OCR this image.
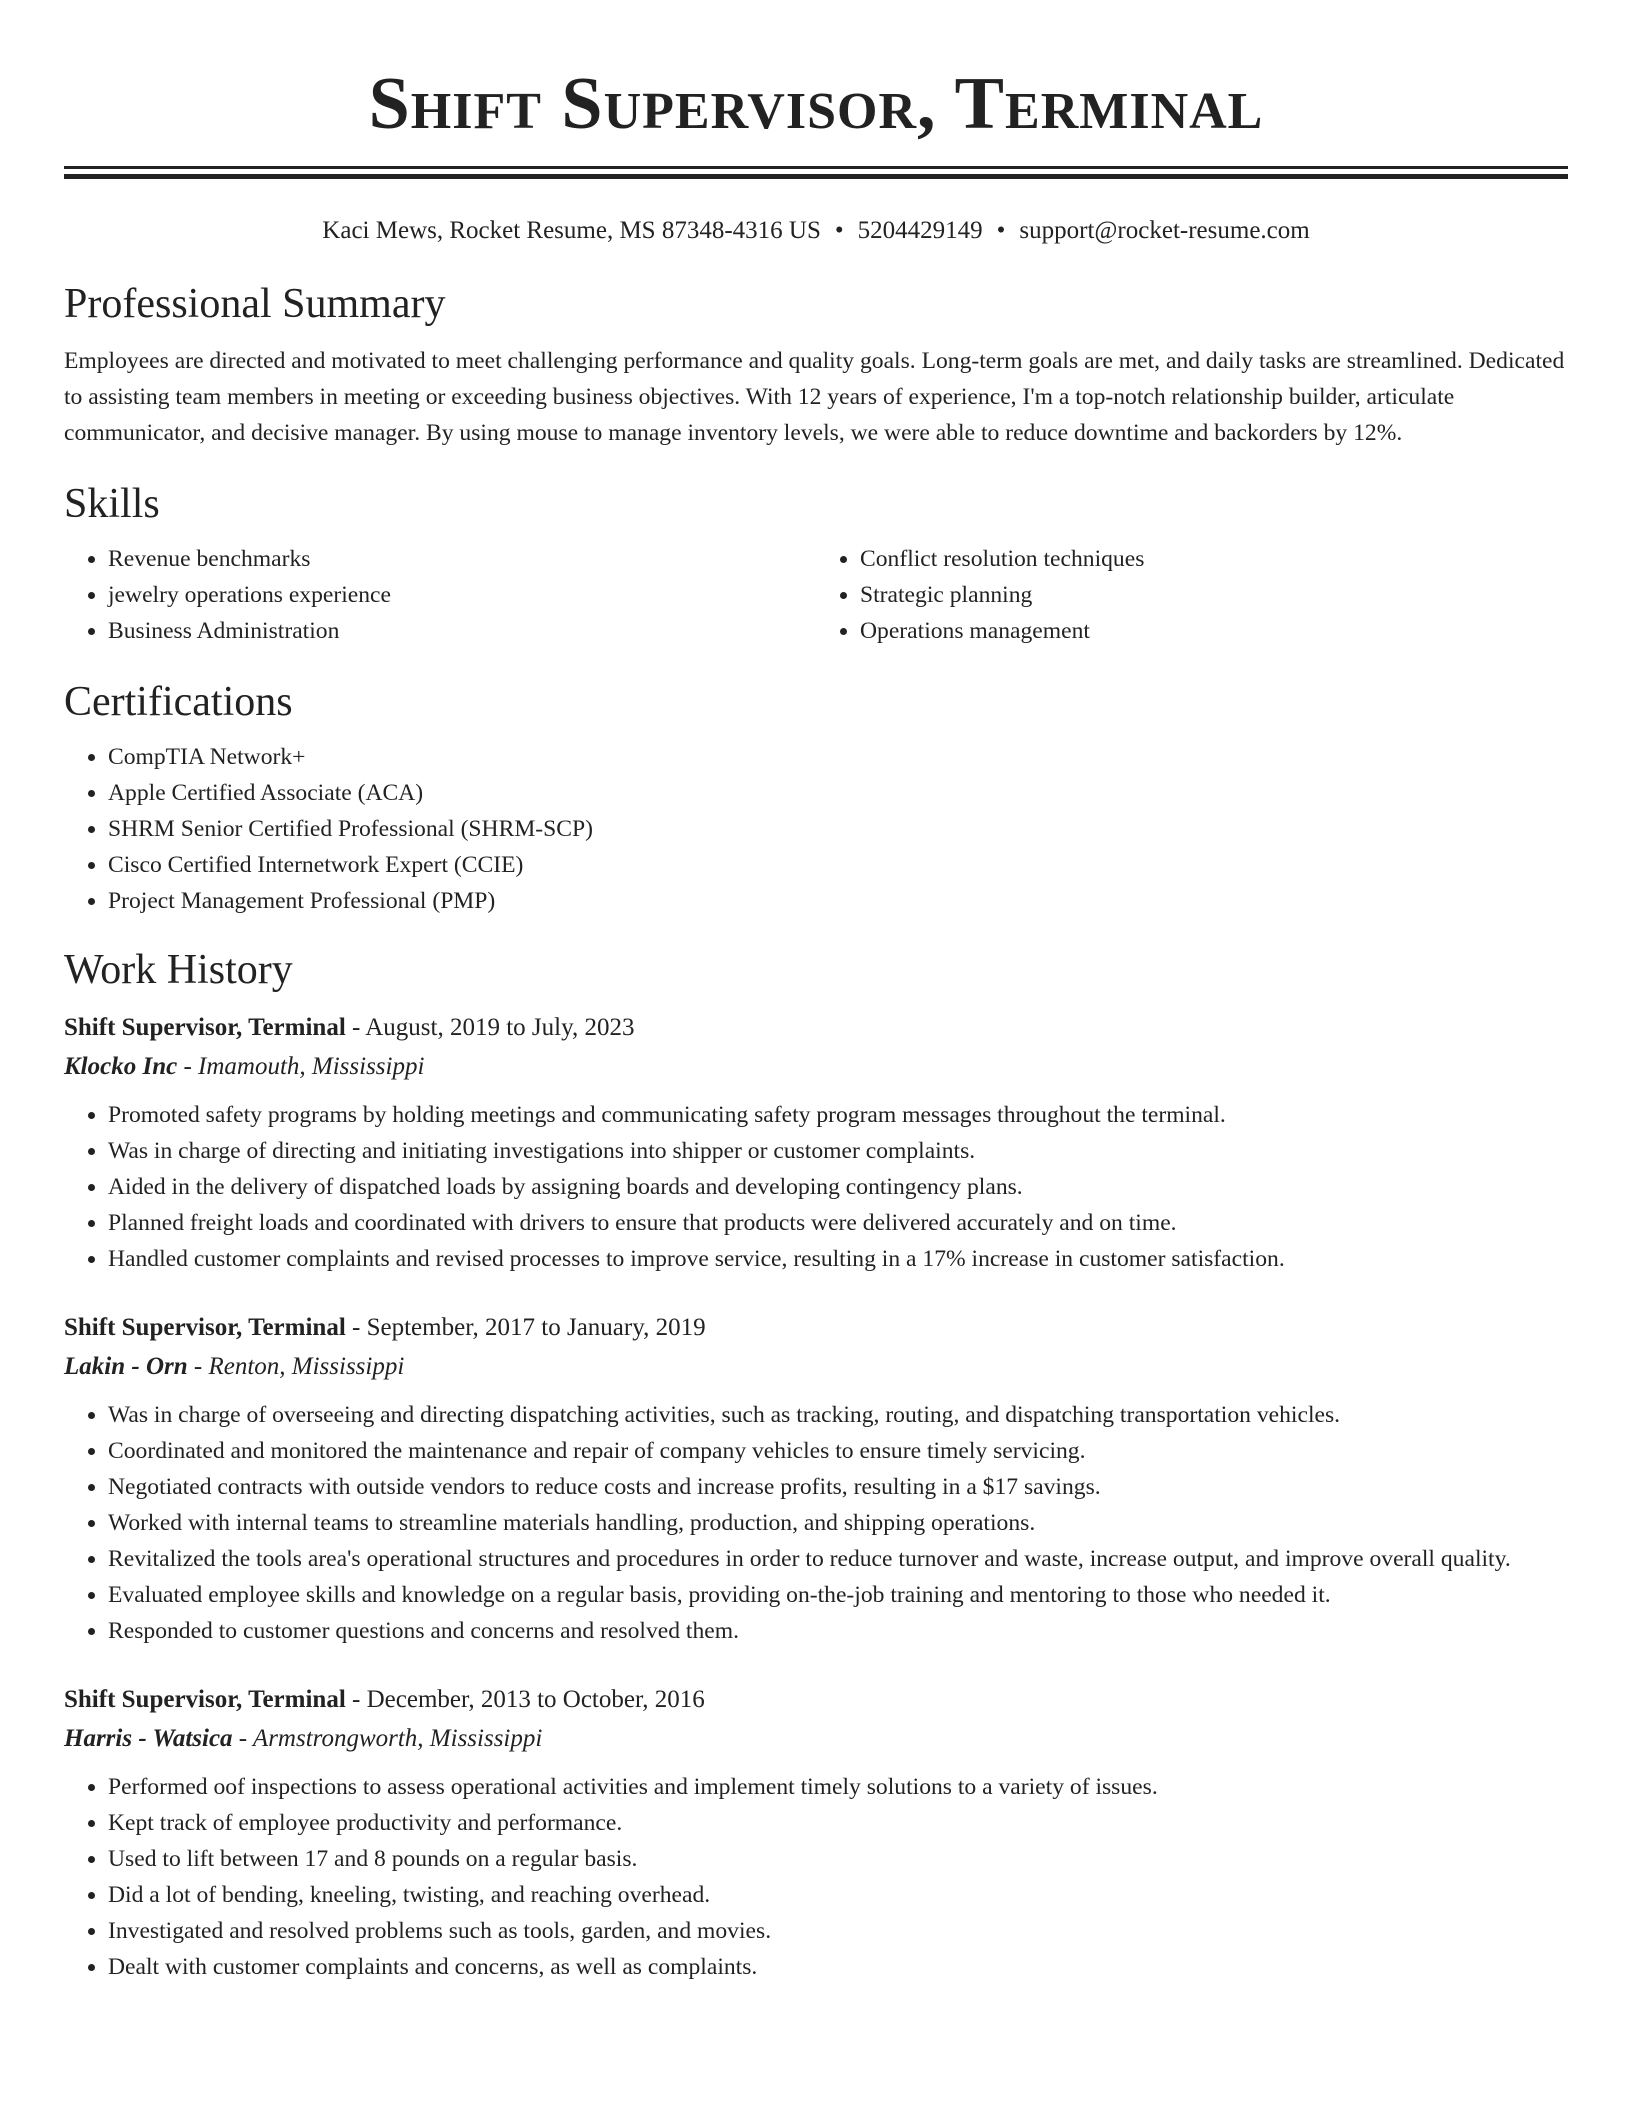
Shift Supervisor, Terminal
Kaci Mews, Rocket Resume, MS 87348-4316 US • 5204429149 • support@rocket-resume.com
Professional Summary

Employees are directed and motivated to meet challenging performance and quality goals. Long-term goals are met, and daily tasks are streamlined. Dedicated to assisting team members in meeting or exceeding business objectives. With 12 years of experience, I'm a top-notch relationship builder, articulate communicator, and decisive manager. By using mouse to manage inventory levels, we were able to reduce downtime and backorders by 12%.

Skills
• Revenue benchmarks
• jewelry operations experience
• Business Administration
• Conflict resolution techniques
• Strategic planning
• Operations management
Certifications
• CompTIA Network+
• Apple Certified Associate (ACA)
• SHRM Senior Certified Professional (SHRM-SCP)
• Cisco Certified Internetwork Expert (CCIE)
• Project Management Professional (PMP)
Work History
Shift Supervisor, Terminal - August, 2019 to July, 2023
Klocko Inc - Imamouth, Mississippi
• Promoted safety programs by holding meetings and communicating safety program messages throughout the terminal.
• Was in charge of directing and initiating investigations into shipper or customer complaints.
• Aided in the delivery of dispatched loads by assigning boards and developing contingency plans.
• Planned freight loads and coordinated with drivers to ensure that products were delivered accurately and on time.
• Handled customer complaints and revised processes to improve service, resulting in a 17% increase in customer satisfaction.
Shift Supervisor, Terminal - September, 2017 to January, 2019
Lakin - Orn - Renton, Mississippi
• Was in charge of overseeing and directing dispatching activities, such as tracking, routing, and dispatching transportation vehicles.
• Coordinated and monitored the maintenance and repair of company vehicles to ensure timely servicing.
• Negotiated contracts with outside vendors to reduce costs and increase profits, resulting in a $17 savings.
• Worked with internal teams to streamline materials handling, production, and shipping operations.
• Revitalized the tools area's operational structures and procedures in order to reduce turnover and waste, increase output, and improve overall quality.
• Evaluated employee skills and knowledge on a regular basis, providing on-the-job training and mentoring to those who needed it.
• Responded to customer questions and concerns and resolved them.
Shift Supervisor, Terminal - December, 2013 to October, 2016
Harris - Watsica - Armstrongworth, Mississippi
• Performed oof inspections to assess operational activities and implement timely solutions to a variety of issues.
• Kept track of employee productivity and performance.
• Used to lift between 17 and 8 pounds on a regular basis.
• Did a lot of bending, kneeling, twisting, and reaching overhead.
• Investigated and resolved problems such as tools, garden, and movies.
• Dealt with customer complaints and concerns, as well as complaints.
